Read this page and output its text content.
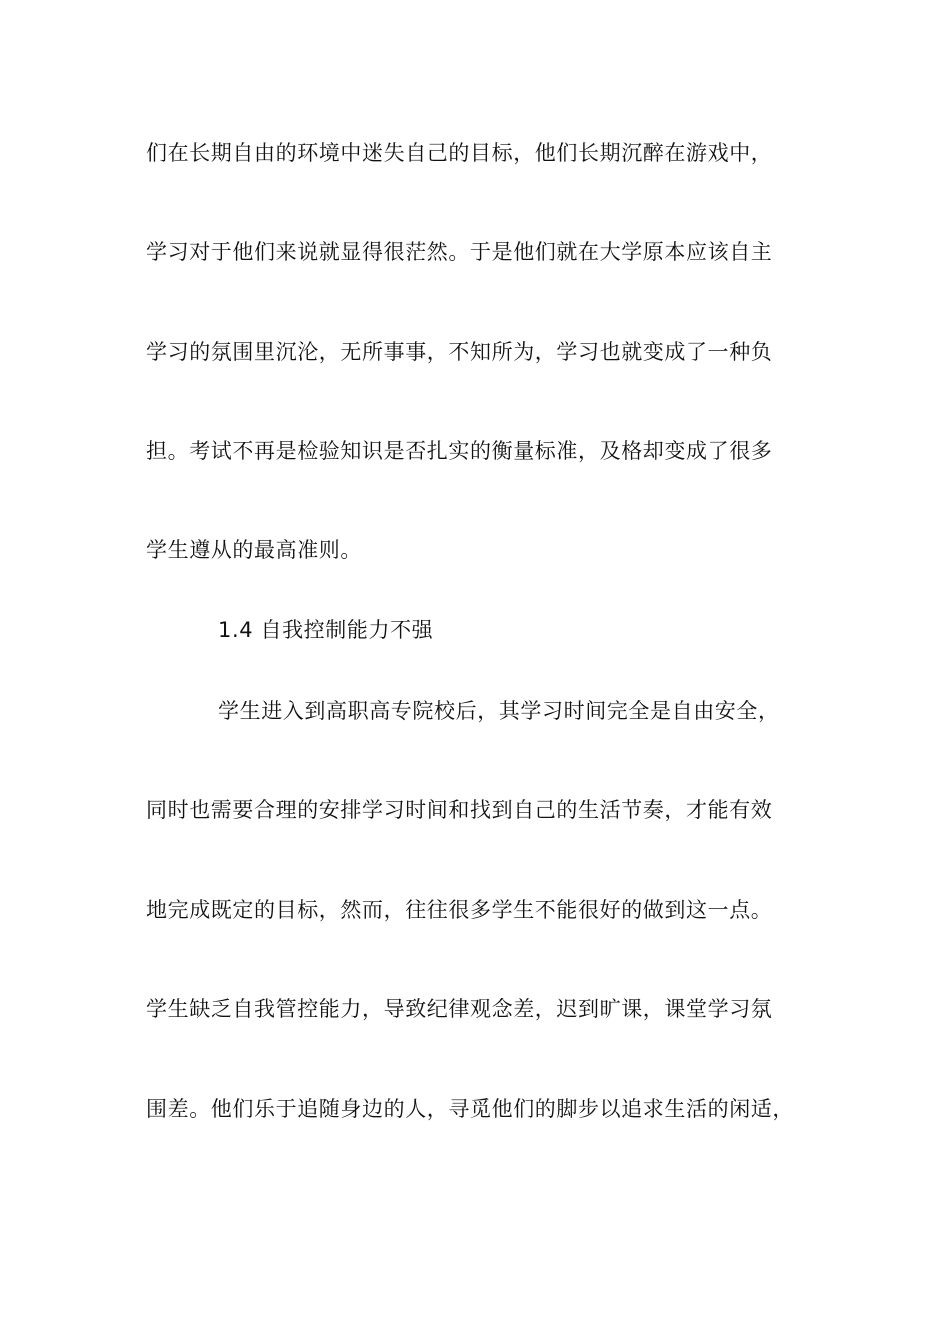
们在长期自由的环境中迷失自己的目标，他们长期沉醉在游戏中，
学习对于他们来说就显得很茫然。于是他们就在大学原本应该自主
学习的氛围里沉沦，无所事事，不知所为，学习也就变成了一种负
担。考试不再是检验知识是否扎实的衡量标准，及格却变成了很多
学生遵从的最高准则。
1.4 自我控制能力不强
学生进入到高职高专院校后，其学习时间完全是自由安全，
同时也需要合理的安排学习时间和找到自己的生活节奏，才能有效
地完成既定的目标，然而，往往很多学生不能很好的做到这一点。
学生缺乏自我管控能力，导致纪律观念差，迟到旷课，课堂学习氛
围差。他们乐于追随身边的人，寻觅他们的脚步以追求生活的闲适，
